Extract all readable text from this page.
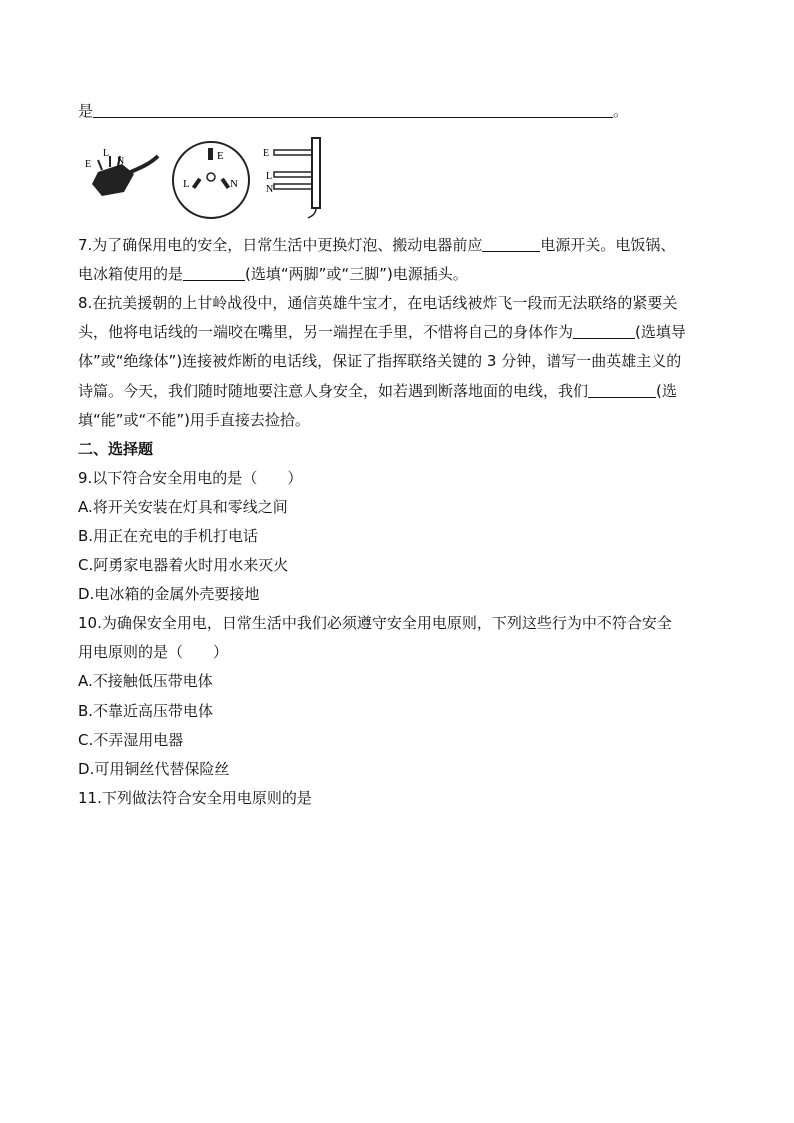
是	。
E
L
N	E
L	N
E
L
N
7.为了确保用电的安全，日常生活中更换灯泡、搬动电器前应	电源开关。电饭锅、
电冰箱使用的是	(选填“两脚”或“三脚”)电源插头。
8.在抗美援朝的上甘岭战役中，通信英雄牛宝才，在电话线被炸飞一段而无法联络的紧要关
头，他将电话线的一端咬在嘴里，另一端捏在手里，不惜将自己的身体作为	(选填导
体”或“绝缘体”)连接被炸断的电话线，保证了指挥联络关键的 3 分钟，谱写一曲英雄主义的
诗篇。今天，我们随时随地要注意人身安全，如若遇到断落地面的电线，我们	(选
填“能”或“不能”)用手直接去捡拾。
二、选择题
9.以下符合安全用电的是（　　）
A.将开关安装在灯具和零线之间
B.用正在充电的手机打电话
C.阿勇家电器着火时用水来灭火
D.电冰箱的金属外壳要接地
10.为确保安全用电，日常生活中我们必须遵守安全用电原则，下列这些行为中不符合安全
用电原则的是（　　）
A.不接触低压带电体
B.不靠近高压带电体
C.不弄湿用电器
D.可用铜丝代替保险丝
11.下列做法符合安全用电原则的是
